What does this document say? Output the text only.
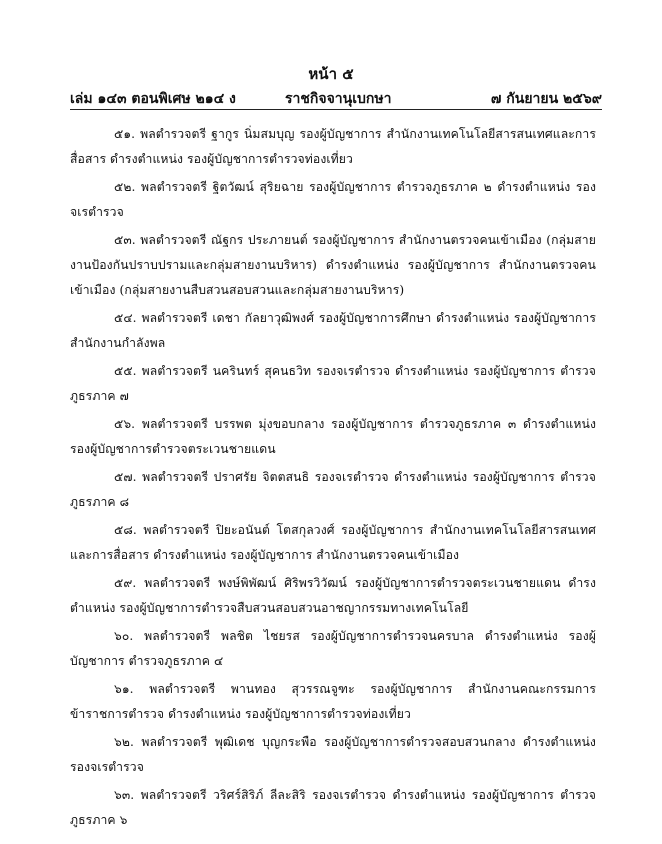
หน้า ๕
เล่ม ๑๔๓ ตอนพิเศษ ๒๑๔ ง	ราชกิจจานุเบกษา	๗ กันยายน ๒๕๖๙

๕๑. พลตำรวจตรี ฐากูร นิ่มสมบุญ รองผู้บัญชาการ สำนักงานเทคโนโลยีสารสนเทศและการสื่อสาร ดำรงตำแหน่ง รองผู้บัญชาการตำรวจท่องเที่ยว

๕๒. พลตำรวจตรี ฐิตวัฒน์ สุริยฉาย รองผู้บัญชาการ ตำรวจภูธรภาค ๒ ดำรงตำแหน่ง รองจเรตำรวจ

๕๓. พลตำรวจตรี ณัฐกร ประภายนต์ รองผู้บัญชาการ สำนักงานตรวจคนเข้าเมือง (กลุ่มสายงานป้องกันปราบปรามและกลุ่มสายงานบริหาร) ดำรงตำแหน่ง รองผู้บัญชาการ สำนักงานตรวจคนเข้าเมือง (กลุ่มสายงานสืบสวนสอบสวนและกลุ่มสายงานบริหาร)

๕๔. พลตำรวจตรี เดชา กัลยาวุฒิพงศ์ รองผู้บัญชาการศึกษา ดำรงตำแหน่ง รองผู้บัญชาการ สำนักงานกำลังพล

๕๕. พลตำรวจตรี นครินทร์ สุคนธวิท รองจเรตำรวจ ดำรงตำแหน่ง รองผู้บัญชาการ ตำรวจภูธรภาค ๗

๕๖. พลตำรวจตรี บรรพต มุ่งขอบกลาง รองผู้บัญชาการ ตำรวจภูธรภาค ๓ ดำรงตำแหน่ง รองผู้บัญชาการตำรวจตระเวนชายแดน

๕๗. พลตำรวจตรี ปราศรัย จิตตสนธิ รองจเรตำรวจ ดำรงตำแหน่ง รองผู้บัญชาการ ตำรวจภูธรภาค ๘

๕๘. พลตำรวจตรี ปิยะอนันต์ โตสกุลวงศ์ รองผู้บัญชาการ สำนักงานเทคโนโลยีสารสนเทศและการสื่อสาร ดำรงตำแหน่ง รองผู้บัญชาการ สำนักงานตรวจคนเข้าเมือง

๕๙. พลตำรวจตรี พงษ์พิพัฒน์ ศิริพรวิวัฒน์ รองผู้บัญชาการตำรวจตระเวนชายแดน ดำรงตำแหน่ง รองผู้บัญชาการตำรวจสืบสวนสอบสวนอาชญากรรมทางเทคโนโลยี

๖๐. พลตำรวจตรี พลชิต ไชยรส รองผู้บัญชาการตำรวจนครบาล ดำรงตำแหน่ง รองผู้บัญชาการ ตำรวจภูธรภาค ๔

๖๑. พลตำรวจตรี พานทอง สุวรรณจูฑะ รองผู้บัญชาการ สำนักงานคณะกรรมการข้าราชการตำรวจ ดำรงตำแหน่ง รองผู้บัญชาการตำรวจท่องเที่ยว

๖๒. พลตำรวจตรี พุฒิเดช บุญกระพือ รองผู้บัญชาการตำรวจสอบสวนกลาง ดำรงตำแหน่ง รองจเรตำรวจ

๖๓. พลตำรวจตรี วริศร์สิริภ์ ลีละสิริ รองจเรตำรวจ ดำรงตำแหน่ง รองผู้บัญชาการ ตำรวจภูธรภาค ๖
